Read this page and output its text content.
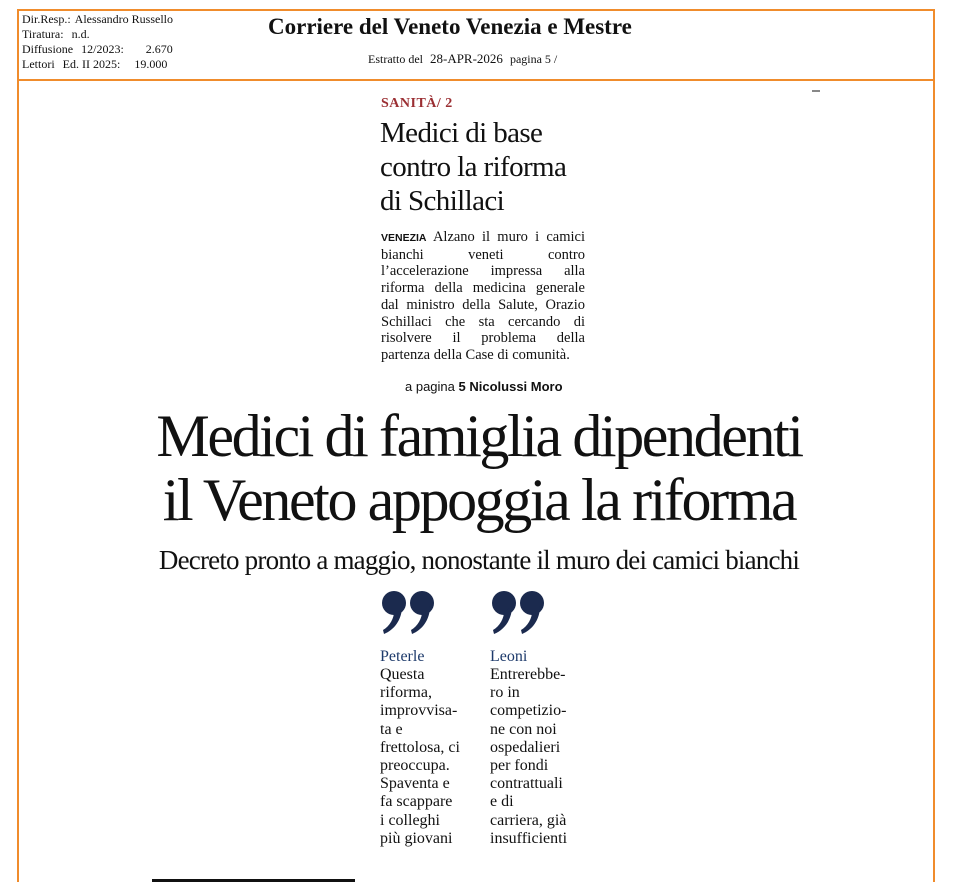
Dir.Resp.: Alessandro Russello
Tiratura: n.d.
Diffusione 12/2023: 2.670
Lettori Ed. II 2025: 19.000
Corriere del Veneto Venezia e Mestre
Estratto del 28-APR-2026 pagina 5 /
SANITÀ/ 2
Medici di base
contro la riforma
di Schillaci
VENEZIA Alzano il muro i camici bianchi veneti contro l’accelerazione impressa alla riforma della medicina generale dal ministro della Salute, Orazio Schillaci che sta cercando di risolvere il problema della partenza della Case di comunità.
a pagina 5 Nicolussi Moro
Medici di famiglia dipendenti
il Veneto appoggia la riforma
Decreto pronto a maggio, nonostante il muro dei camici bianchi
Peterle
Questa
riforma,
improvvisa-
ta e
frettolosa, ci
preoccupa.
Spaventa e
fa scappare
i colleghi
più giovani
Leoni
Entrerebbe-
ro in
competizio-
ne con noi
ospedalieri
per fondi
contrattuali
e di
carriera, già
insufficienti
